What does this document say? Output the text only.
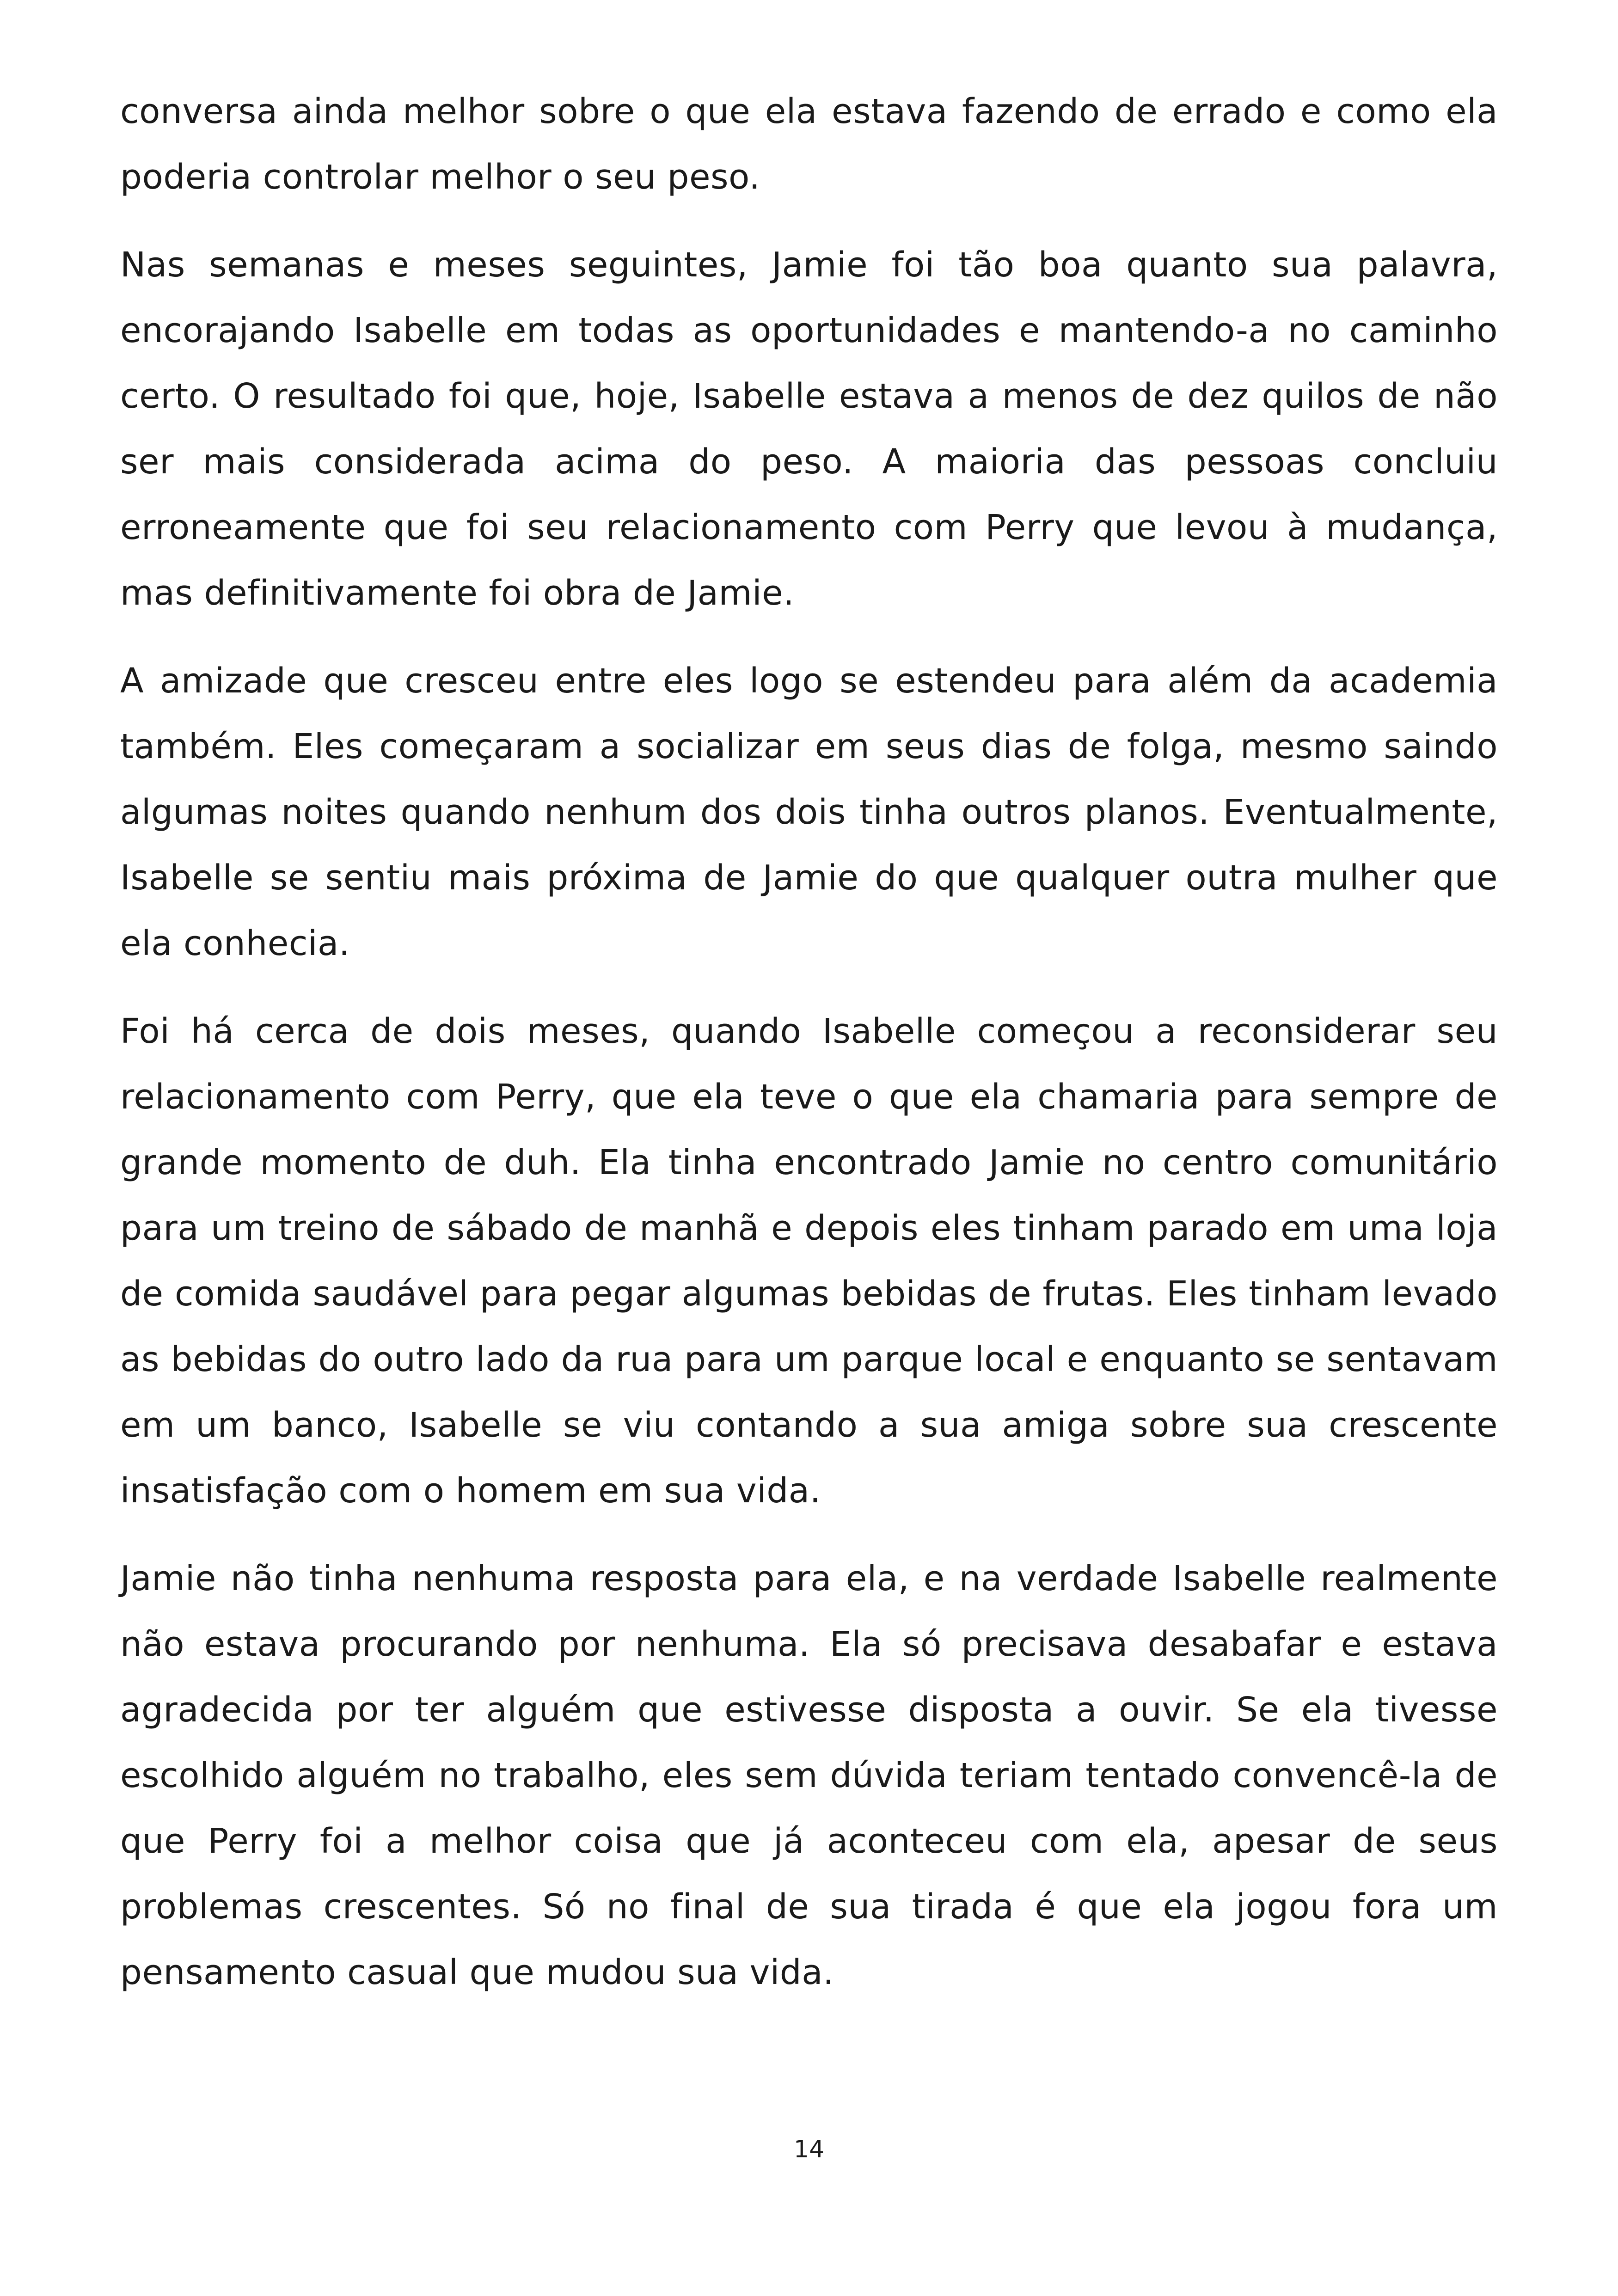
conversa ainda melhor sobre o que ela estava fazendo de errado e como ela poderia controlar melhor o seu peso.

Nas semanas e meses seguintes, Jamie foi tão boa quanto sua palavra, encorajando Isabelle em todas as oportunidades e mantendo-a no caminho certo. O resultado foi que, hoje, Isabelle estava a menos de dez quilos de não ser mais considerada acima do peso. A maioria das pessoas concluiu erroneamente que foi seu relacionamento com Perry que levou à mudança, mas definitivamente foi obra de Jamie.

A amizade que cresceu entre eles logo se estendeu para além da academia também. Eles começaram a socializar em seus dias de folga, mesmo saindo algumas noites quando nenhum dos dois tinha outros planos. Eventualmente, Isabelle se sentiu mais próxima de Jamie do que qualquer outra mulher que ela conhecia.

Foi há cerca de dois meses, quando Isabelle começou a reconsiderar seu relacionamento com Perry, que ela teve o que ela chamaria para sempre de grande momento de duh. Ela tinha encontrado Jamie no centro comunitário para um treino de sábado de manhã e depois eles tinham parado em uma loja de comida saudável para pegar algumas bebidas de frutas. Eles tinham levado as bebidas do outro lado da rua para um parque local e enquanto se sentavam em um banco, Isabelle se viu contando a sua amiga sobre sua crescente insatisfação com o homem em sua vida.

Jamie não tinha nenhuma resposta para ela, e na verdade Isabelle realmente não estava procurando por nenhuma. Ela só precisava desabafar e estava agradecida por ter alguém que estivesse disposta a ouvir. Se ela tivesse escolhido alguém no trabalho, eles sem dúvida teriam tentado convencê-la de que Perry foi a melhor coisa que já aconteceu com ela, apesar de seus problemas crescentes. Só no final de sua tirada é que ela jogou fora um pensamento casual que mudou sua vida.

14
